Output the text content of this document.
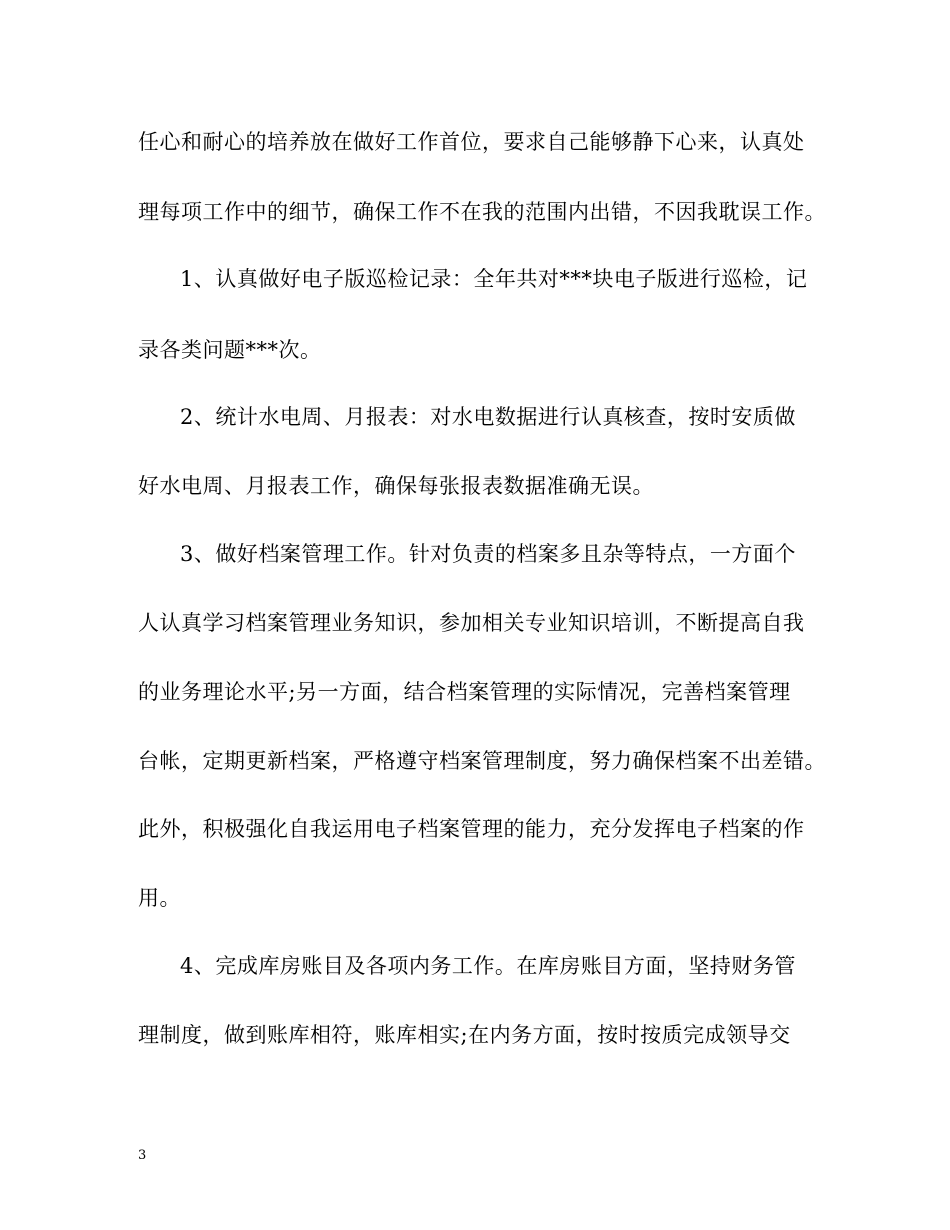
任心和耐心的培养放在做好工作首位，要求自己能够静下心来，认真处
理每项工作中的细节，确保工作不在我的范围内出错，不因我耽误工作。
1、认真做好电子版巡检记录：全年共对***块电子版进行巡检，记
录各类问题***次。
2、统计水电周、月报表：对水电数据进行认真核查，按时安质做
好水电周、月报表工作，确保每张报表数据准确无误。
3、做好档案管理工作。针对负责的档案多且杂等特点，一方面个
人认真学习档案管理业务知识，参加相关专业知识培训，不断提高自我
的业务理论水平;另一方面，结合档案管理的实际情况，完善档案管理
台帐，定期更新档案，严格遵守档案管理制度，努力确保档案不出差错。
此外，积极强化自我运用电子档案管理的能力，充分发挥电子档案的作
用。
4、完成库房账目及各项内务工作。在库房账目方面，坚持财务管
理制度，做到账库相符，账库相实;在内务方面，按时按质完成领导交
3
